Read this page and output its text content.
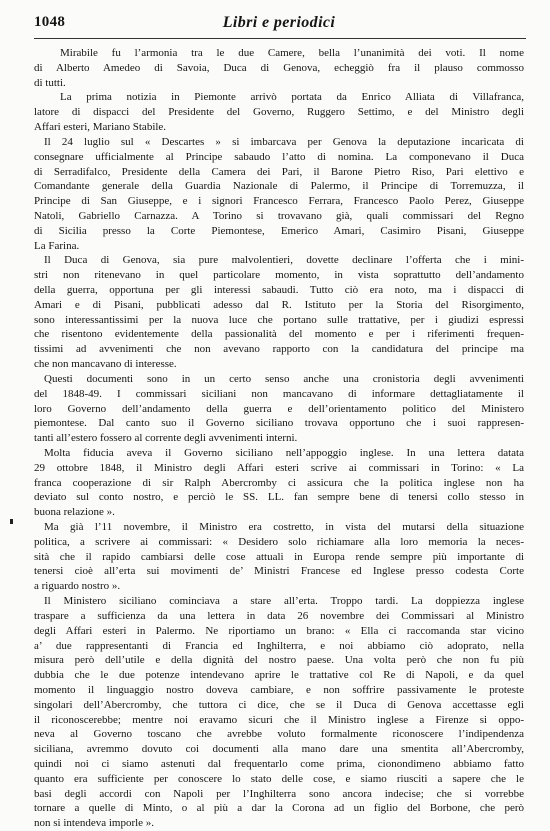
1048	Libri e periodici
Mirabile fu l’armonia tra le due Camere, bella l’unanimità dei voti. Il nome
di Alberto Amedeo di Savoia, Duca di Genova, echeggiò fra il plauso commosso
di tutti.
La prima notizia in Piemonte arrivò portata da Enrico Alliata di Villafranca,
latore di dispacci del Presidente del Governo, Ruggero Settimo, e del Ministro degli
Affari esteri, Mariano Stabile.
Il 24 luglio sul « Descartes » si imbarcava per Genova la deputazione incaricata di
consegnare ufficialmente al Principe sabaudo l’atto di nomina. La componevano il Duca
di Serradifalco, Presidente della Camera dei Pari, il Barone Pietro Riso, Pari elettivo e
Comandante generale della Guardia Nazionale di Palermo, il Principe di Torremuzza, il
Principe di San Giuseppe, e i signori Francesco Ferrara, Francesco Paolo Perez, Giuseppe
Natoli, Gabriello Carnazza. A Torino si trovavano già, quali commissari del Regno
di Sicilia presso la Corte Piemontese, Emerico Amari, Casimiro Pisani, Giuseppe
La Farina.
Il Duca di Genova, sia pure malvolentieri, dovette declinare l’offerta che i mini-
stri non ritenevano in quel particolare momento, in vista soprattutto dell’andamento
della guerra, opportuna per gli interessi sabaudi. Tutto ciò era noto, ma i dispacci di
Amari e di Pisani, pubblicati adesso dal R. Istituto per la Storia del Risorgimento,
sono interessantissimi per la nuova luce che portano sulle trattative, per i giudizi espressi
che risentono evidentemente della passionalità del momento e per i riferimenti frequen-
tissimi ad avvenimenti che non avevano rapporto con la candidatura del principe ma
che non mancavano di interesse.
Questi documenti sono in un certo senso anche una cronistoria degli avvenimenti
del 1848-49. I commissari siciliani non mancavano di informare dettagliatamente il
loro Governo dell’andamento della guerra e dell’orientamento politico del Ministero
piemontese. Dal canto suo il Governo siciliano trovava opportuno che i suoi rappresen-
tanti all’estero fossero al corrente degli avvenimenti interni.
Molta fiducia aveva il Governo siciliano nell’appoggio inglese. In una lettera datata
29 ottobre 1848, il Ministro degli Affari esteri scrive ai commissari in Torino: « La
franca cooperazione di sir Ralph Abercromby ci assicura che la politica inglese non ha
deviato sul conto nostro, e perciò le SS. LL. fan sempre bene di tenersi collo stesso in
buona relazione ».
Ma già l’11 novembre, il Ministro era costretto, in vista del mutarsi della situazione
politica, a scrivere ai commissari: « Desidero solo richiamare alla loro memoria la neces-
sità che il rapido cambiarsi delle cose attuali in Europa rende sempre più importante di
tenersi cioè all’erta sui movimenti de’ Ministri Francese ed Inglese presso codesta Corte
a riguardo nostro ».
Il Ministero siciliano cominciava a stare all’erta. Troppo tardi. La doppiezza inglese
traspare a sufficienza da una lettera in data 26 novembre dei Commissari al Ministro
degli Affari esteri in Palermo. Ne riportiamo un brano: « Ella ci raccomanda star vicino
a’ due rappresentanti di Francia ed Inghilterra, e noi abbiamo ciò adoprato, nella
misura però dell’utile e della dignità del nostro paese. Una volta però che non fu più
dubbia che le due potenze intendevano aprire le trattative col Re di Napoli, e da quel
momento il linguaggio nostro doveva cambiare, e non soffrire passivamente le proteste
singolari dell’Abercromby, che tuttora ci dice, che se il Duca di Genova accettasse egli
il riconoscerebbe; mentre noi eravamo sicuri che il Ministro inglese a Firenze si oppo-
neva al Governo toscano che avrebbe voluto formalmente riconoscere l’indipendenza
siciliana, avremmo dovuto coi documenti alla mano dare una smentita all’Abercromby,
quindi noi ci siamo astenuti dal frequentarlo come prima, cionondimeno abbiamo fatto
quanto era sufficiente per conoscere lo stato delle cose, e siamo riusciti a sapere che le
basi degli accordi con Napoli per l’Inghilterra sono ancora indecise; che si vorrebbe
tornare a quelle di Minto, o al più a dar la Corona ad un figlio del Borbone, che però
non si intendeva imporle ».
